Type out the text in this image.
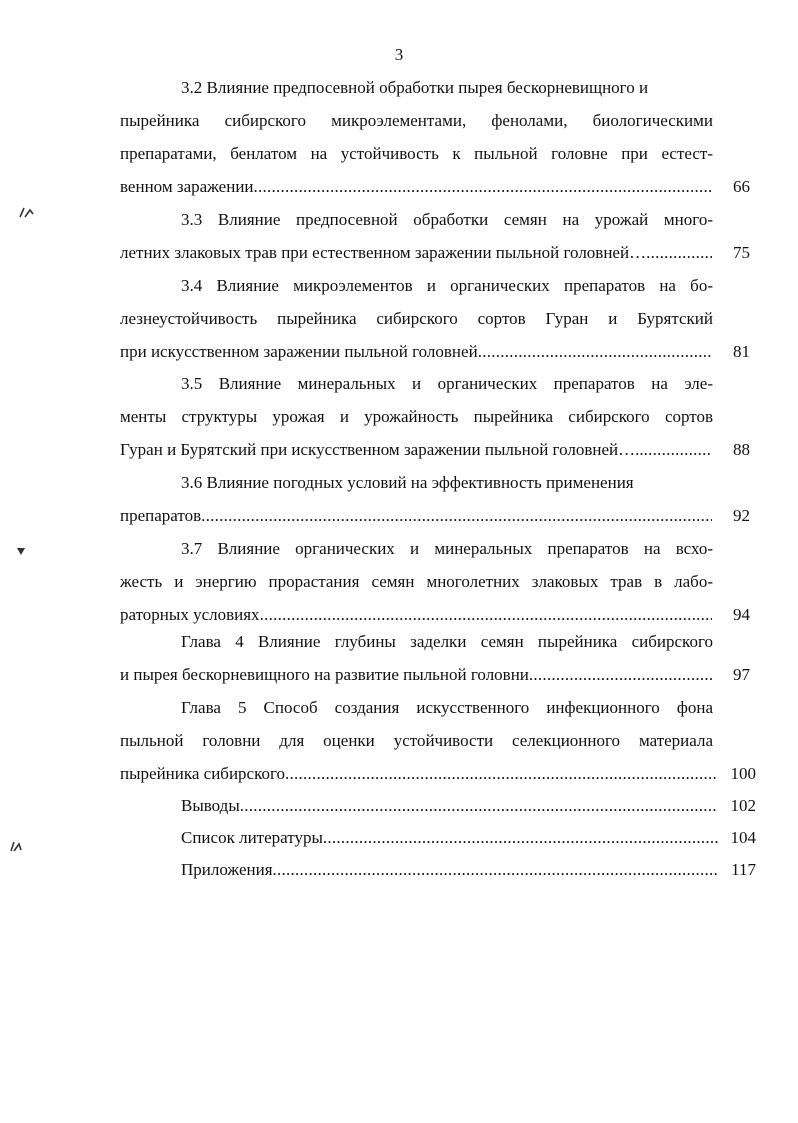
3
3.2 Влияние предпосевной обработки пырея бескорневищного и
пырейника сибирского микроэлементами, фенолами, биологическими
препаратами, бенлатом на устойчивость к пыльной головне при естест-
венном заражении . . .	66
3.3 Влияние предпосевной обработки семян на урожай много-
летних злаковых трав при естественном заражении пыльной головней… . . .	75
3.4 Влияние микроэлементов и органических препаратов на бо-
лезнеустойчивость пырейника сибирского сортов Гуран и Бурятский
при искусственном заражении пыльной головней . . .	81
3.5 Влияние минеральных и органических препаратов на эле-
менты структуры урожая и урожайность пырейника сибирского сортов
Гуран и Бурятский при искусственном заражении пыльной головней….. . . .	88
3.6 Влияние погодных условий на эффективность применения
препаратов . . .	92
3.7 Влияние органических и минеральных препаратов на всхо-
жесть и энергию прорастания семян многолетних злаковых трав в лабо-
раторных условиях . . .	94
Глава 4 Влияние глубины заделки семян пырейника сибирского
и пырея бескорневищного на развитие пыльной головни . . .	97
Глава 5 Способ создания искусственного инфекционного фона
пыльной головни для оценки устойчивости селекционного материала
пырейника сибирского . . .	100
Выводы . . .	102
Список литературы . . .	104
Приложения . . .	117
